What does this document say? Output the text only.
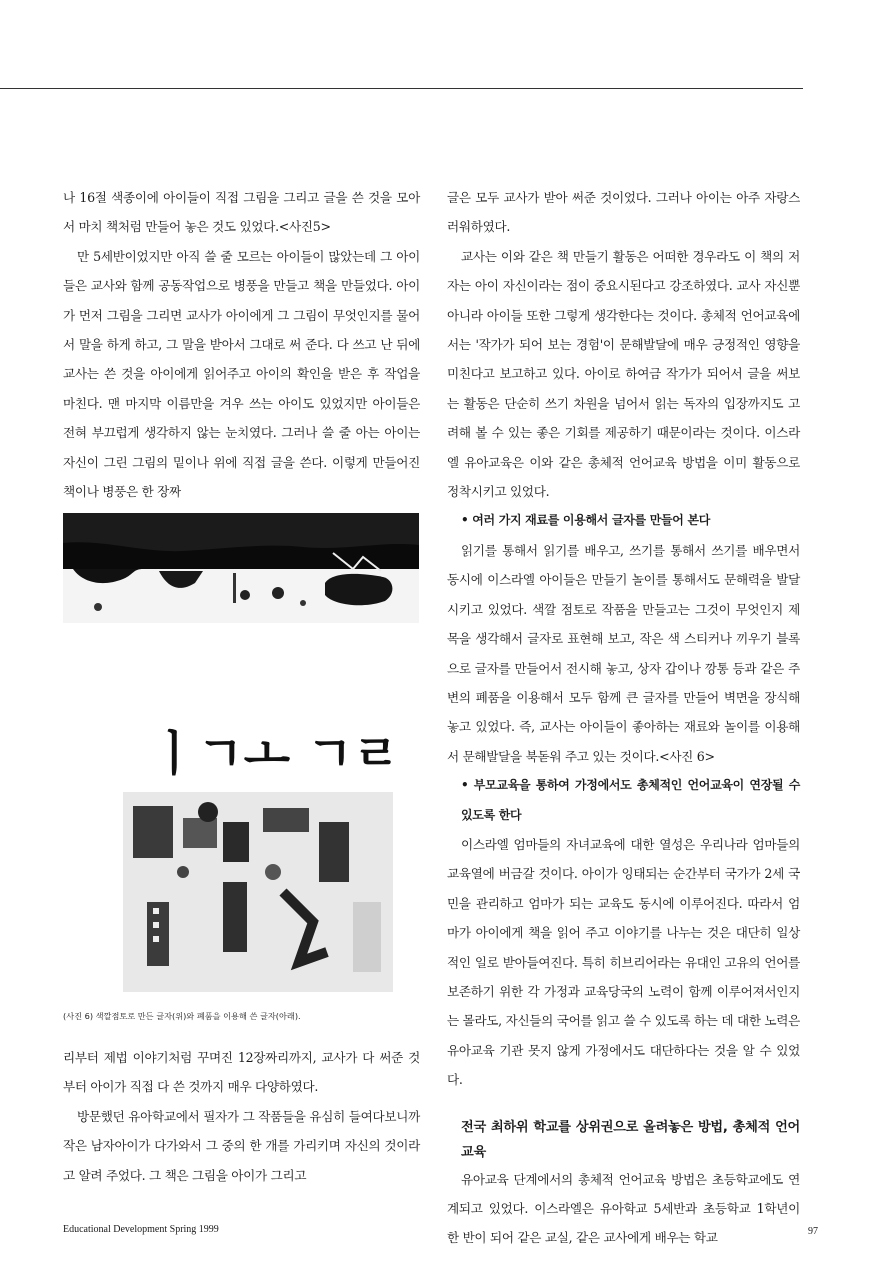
나 16절 색종이에 아이들이 직접 그림을 그리고 글을 쓴 것을 모아서 마치 책처럼 만들어 놓은 것도 있었다.<사진5>

만 5세반이었지만 아직 쓸 줄 모르는 아이들이 많았는데 그 아이들은 교사와 함께 공동작업으로 병풍을 만들고 책을 만들었다. 아이가 먼저 그림을 그리면 교사가 아이에게 그 그림이 무엇인지를 물어서 말을 하게 하고, 그 말을 받아서 그대로 써 준다. 다 쓰고 난 뒤에 교사는 쓴 것을 아이에게 읽어주고 아이의 확인을 받은 후 작업을 마친다. 맨 마지막 이름만을 겨우 쓰는 아이도 있었지만 아이들은 전혀 부끄럽게 생각하지 않는 눈치였다. 그러나 쓸 줄 아는 아이는 자신이 그린 그림의 밑이나 위에 직접 글을 쓴다. 이렇게 만들어진 책이나 병풍은 한 장짜

ㅣㄱㅗ ㄱㄹ
(사진 6) 색깔점토로 만든 글자(위)와 폐품을 이용해 쓴 글자(아래).

리부터 제법 이야기처럼 꾸며진 12장짜리까지, 교사가 다 써준 것부터 아이가 직접 다 쓴 것까지 매우 다양하였다.

방문했던 유아학교에서 필자가 그 작품들을 유심히 들여다보니까 작은 남자아이가 다가와서 그 중의 한 개를 가리키며 자신의 것이라고 알려 주었다. 그 책은 그림을 아이가 그리고

글은 모두 교사가 받아 써준 것이었다. 그러나 아이는 아주 자랑스러워하였다.

교사는 이와 같은 책 만들기 활동은 어떠한 경우라도 이 책의 저자는 아이 자신이라는 점이 중요시된다고 강조하였다. 교사 자신뿐 아니라 아이들 또한 그렇게 생각한다는 것이다. 총체적 언어교육에서는 '작가가 되어 보는 경험'이 문해발달에 매우 긍정적인 영향을 미친다고 보고하고 있다. 아이로 하여금 작가가 되어서 글을 써보는 활동은 단순히 쓰기 차원을 넘어서 읽는 독자의 입장까지도 고려해 볼 수 있는 좋은 기회를 제공하기 때문이라는 것이다. 이스라엘 유아교육은 이와 같은 총체적 언어교육 방법을 이미 활동으로 정착시키고 있었다.

• 여러 가지 재료를 이용해서 글자를 만들어 본다

읽기를 통해서 읽기를 배우고, 쓰기를 통해서 쓰기를 배우면서 동시에 이스라엘 아이들은 만들기 놀이를 통해서도 문해력을 발달시키고 있었다. 색깔 점토로 작품을 만들고는 그것이 무엇인지 제목을 생각해서 글자로 표현해 보고, 작은 색 스티커나 끼우기 블록으로 글자를 만들어서 전시해 놓고, 상자 갑이나 깡통 등과 같은 주변의 폐품을 이용해서 모두 함께 큰 글자를 만들어 벽면을 장식해 놓고 있었다. 즉, 교사는 아이들이 좋아하는 재료와 놀이를 이용해서 문해발달을 북돋워 주고 있는 것이다.<사진 6>

• 부모교육을 통하여 가정에서도 총체적인 언어교육이 연장될 수 있도록 한다

이스라엘 엄마들의 자녀교육에 대한 열성은 우리나라 엄마들의 교육열에 버금갈 것이다. 아이가 잉태되는 순간부터 국가가 2세 국민을 관리하고 엄마가 되는 교육도 동시에 이루어진다. 따라서 엄마가 아이에게 책을 읽어 주고 이야기를 나누는 것은 대단히 일상적인 일로 받아들여진다. 특히 히브리어라는 유대인 고유의 언어를 보존하기 위한 각 가정과 교육당국의 노력이 함께 이루어져서인지는 몰라도, 자신들의 국어를 읽고 쓸 수 있도록 하는 데 대한 노력은 유아교육 기관 못지 않게 가정에서도 대단하다는 것을 알 수 있었다.

전국 최하위 학교를 상위권으로 올려놓은 방법, 총체적 언어교육

유아교육 단계에서의 총체적 언어교육 방법은 초등학교에도 연계되고 있었다. 이스라엘은 유아학교 5세반과 초등학교 1학년이 한 반이 되어 같은 교실, 같은 교사에게 배우는 학교

Educational Development Spring 1999	97
